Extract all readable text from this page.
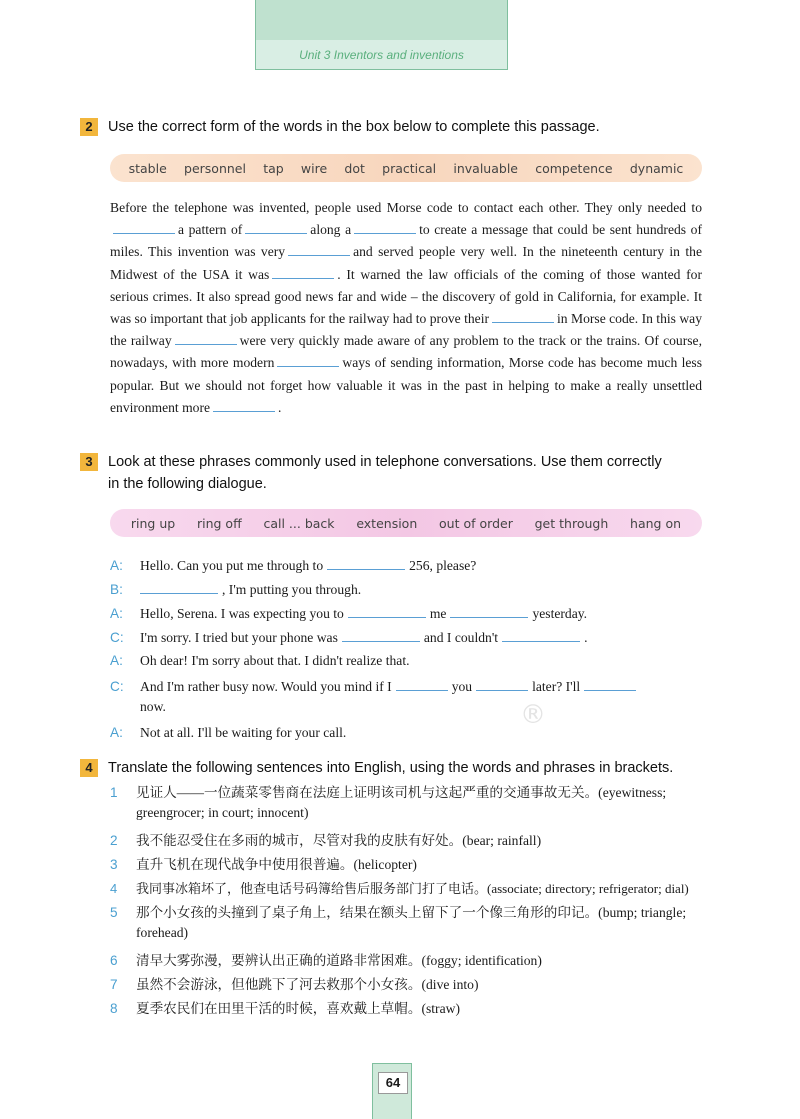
Unit 3 Inventors and inventions
2 Use the correct form of the words in the box below to complete this passage.
stable personnel tap wire dot practical invaluable competence dynamic
Before the telephone was invented, people used Morse code to contact each other. They only needed toa pattern of	along a	to create a message that could be sent hundreds of miles. This invention was very	and served people very well. In the nineteenth century in the Midwest of the USA it was	. It warned the law officials of the coming of those wanted for serious crimes. It also spread good news far and wide – the discovery of gold in California, for example. It was so important that job applicants for the railway had to prove their	in Morse code. In this way the railway	were very quickly made aware of any problem to the track or the trains. Of course, nowadays, with more modern	ways of sending information, Morse code has become much less popular. But we should not forget how valuable it was in the past in helping to make a really unsettled environment more	.
3 Look at these phrases commonly used in telephone conversations. Use them correctly
in the following dialogue.
ring up ring off call ... back extension out of order get through hang on
A: Hello. Can you put me through to	256, please?
B:	, I'm putting you through.
A: Hello, Serena. I was expecting you to	me	yesterday.
C: I'm sorry. I tried but your phone was	and I couldn't	.
A: Oh dear! I'm sorry about that. I didn't realize that.
C: And I'm rather busy now. Would you mind if I	you	later? I'll
now.
A: Not at all. I'll be waiting for your call.
®
4 Translate the following sentences into English, using the words and phrases in brackets.
1 见证人——一位蔬菜零售商在法庭上证明该司机与这起严重的交通事故无关。(eyewitness;
greengrocer; in court; innocent)
2 我不能忍受住在多雨的城市，尽管对我的皮肤有好处。(bear; rainfall)
3 直升飞机在现代战争中使用很普遍。(helicopter)
4 我同事冰箱坏了，他查电话号码簿给售后服务部门打了电话。(associate; directory; refrigerator; dial)
5 那个小女孩的头撞到了桌子角上，结果在额头上留下了一个像三角形的印记。(bump; triangle;
forehead)
6 清早大雾弥漫，要辨认出正确的道路非常困难。(foggy; identification)
7 虽然不会游泳，但他跳下了河去救那个小女孩。(dive into)
8 夏季农民们在田里干活的时候，喜欢戴上草帽。(straw)
64
